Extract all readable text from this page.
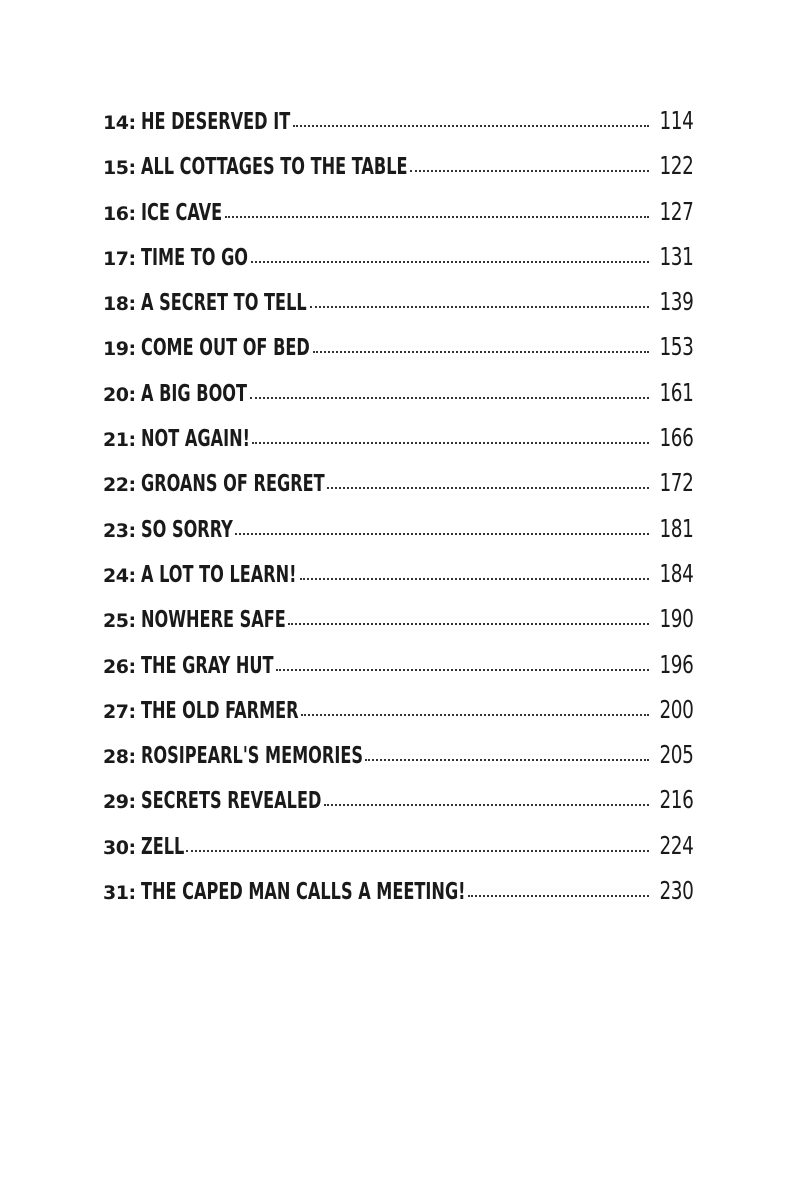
14: HE DESERVED IT	114
15: ALL COTTAGES TO THE TABLE	122
16: ICE CAVE	127
17: TIME TO GO	131
18: A SECRET TO TELL	139
19: COME OUT OF BED	153
20: A BIG BOOT	161
21: NOT AGAIN!	166
22: GROANS OF REGRET	172
23: SO SORRY	181
24: A LOT TO LEARN!	184
25: NOWHERE SAFE	190
26: THE GRAY HUT	196
27: THE OLD FARMER	200
28: ROSIPEARL'S MEMORIES	205
29: SECRETS REVEALED	216
30: ZELL	224
31: THE CAPED MAN CALLS A MEETING!	230
